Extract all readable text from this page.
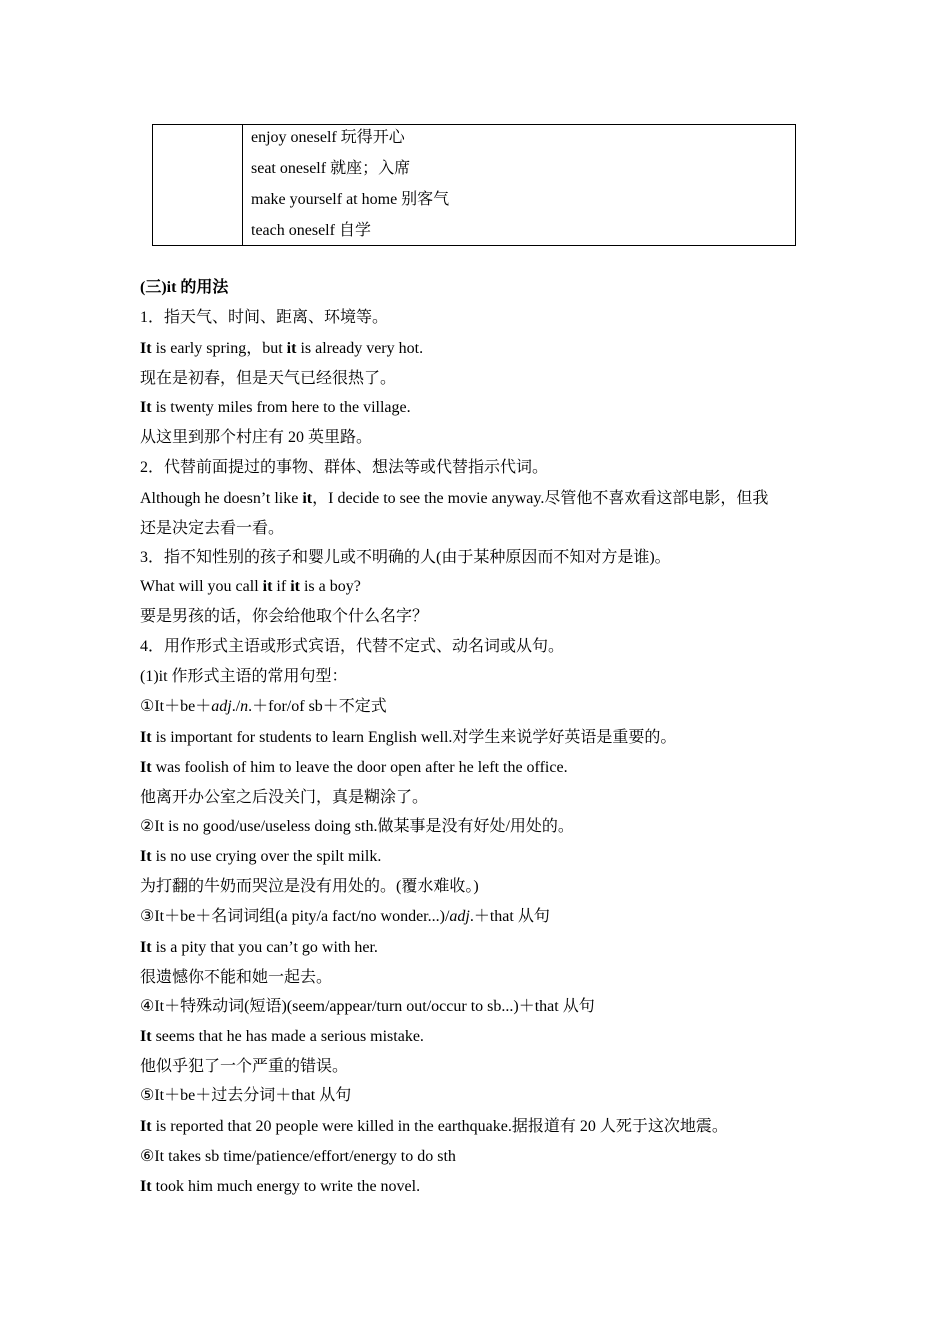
enjoy oneself 玩得开心
seat oneself 就座；入席
make yourself at home 别客气
teach oneself 自学
(三)it 的用法
1．指天气、时间、距离、环境等。
It is early spring，but it is already very hot.
现在是初春，但是天气已经很热了。
It is twenty miles from here to the village.
从这里到那个村庄有 20 英里路。
2．代替前面提过的事物、群体、想法等或代替指示代词。
Although he doesn’t like it，I decide to see the movie anyway.尽管他不喜欢看这部电影，但我
还是决定去看一看。
3．指不知性别的孩子和婴儿或不明确的人(由于某种原因而不知对方是谁)。
What will you call it if it is a boy?
要是男孩的话，你会给他取个什么名字？
4．用作形式主语或形式宾语，代替不定式、动名词或从句。
(1)it 作形式主语的常用句型：
①It＋be＋adj./n.＋for/of sb＋不定式
It is important for students to learn English well.对学生来说学好英语是重要的。
It was foolish of him to leave the door open after he left the office.
他离开办公室之后没关门，真是糊涂了。
②It is no good/use/useless doing sth.做某事是没有好处/用处的。
It is no use crying over the spilt milk.
为打翻的牛奶而哭泣是没有用处的。(覆水难收。)
③It＋be＋名词词组(a pity/a fact/no wonder...)/adj.＋that 从句
It is a pity that you can’t go with her.
很遗憾你不能和她一起去。
④It＋特殊动词(短语)(seem/appear/turn out/occur to sb...)＋that 从句
It seems that he has made a serious mistake.
他似乎犯了一个严重的错误。
⑤It＋be＋过去分词＋that 从句
It is reported that 20 people were killed in the earthquake.据报道有 20 人死于这次地震。
⑥It takes sb time/patience/effort/energy to do sth
It took him much energy to write the novel.
